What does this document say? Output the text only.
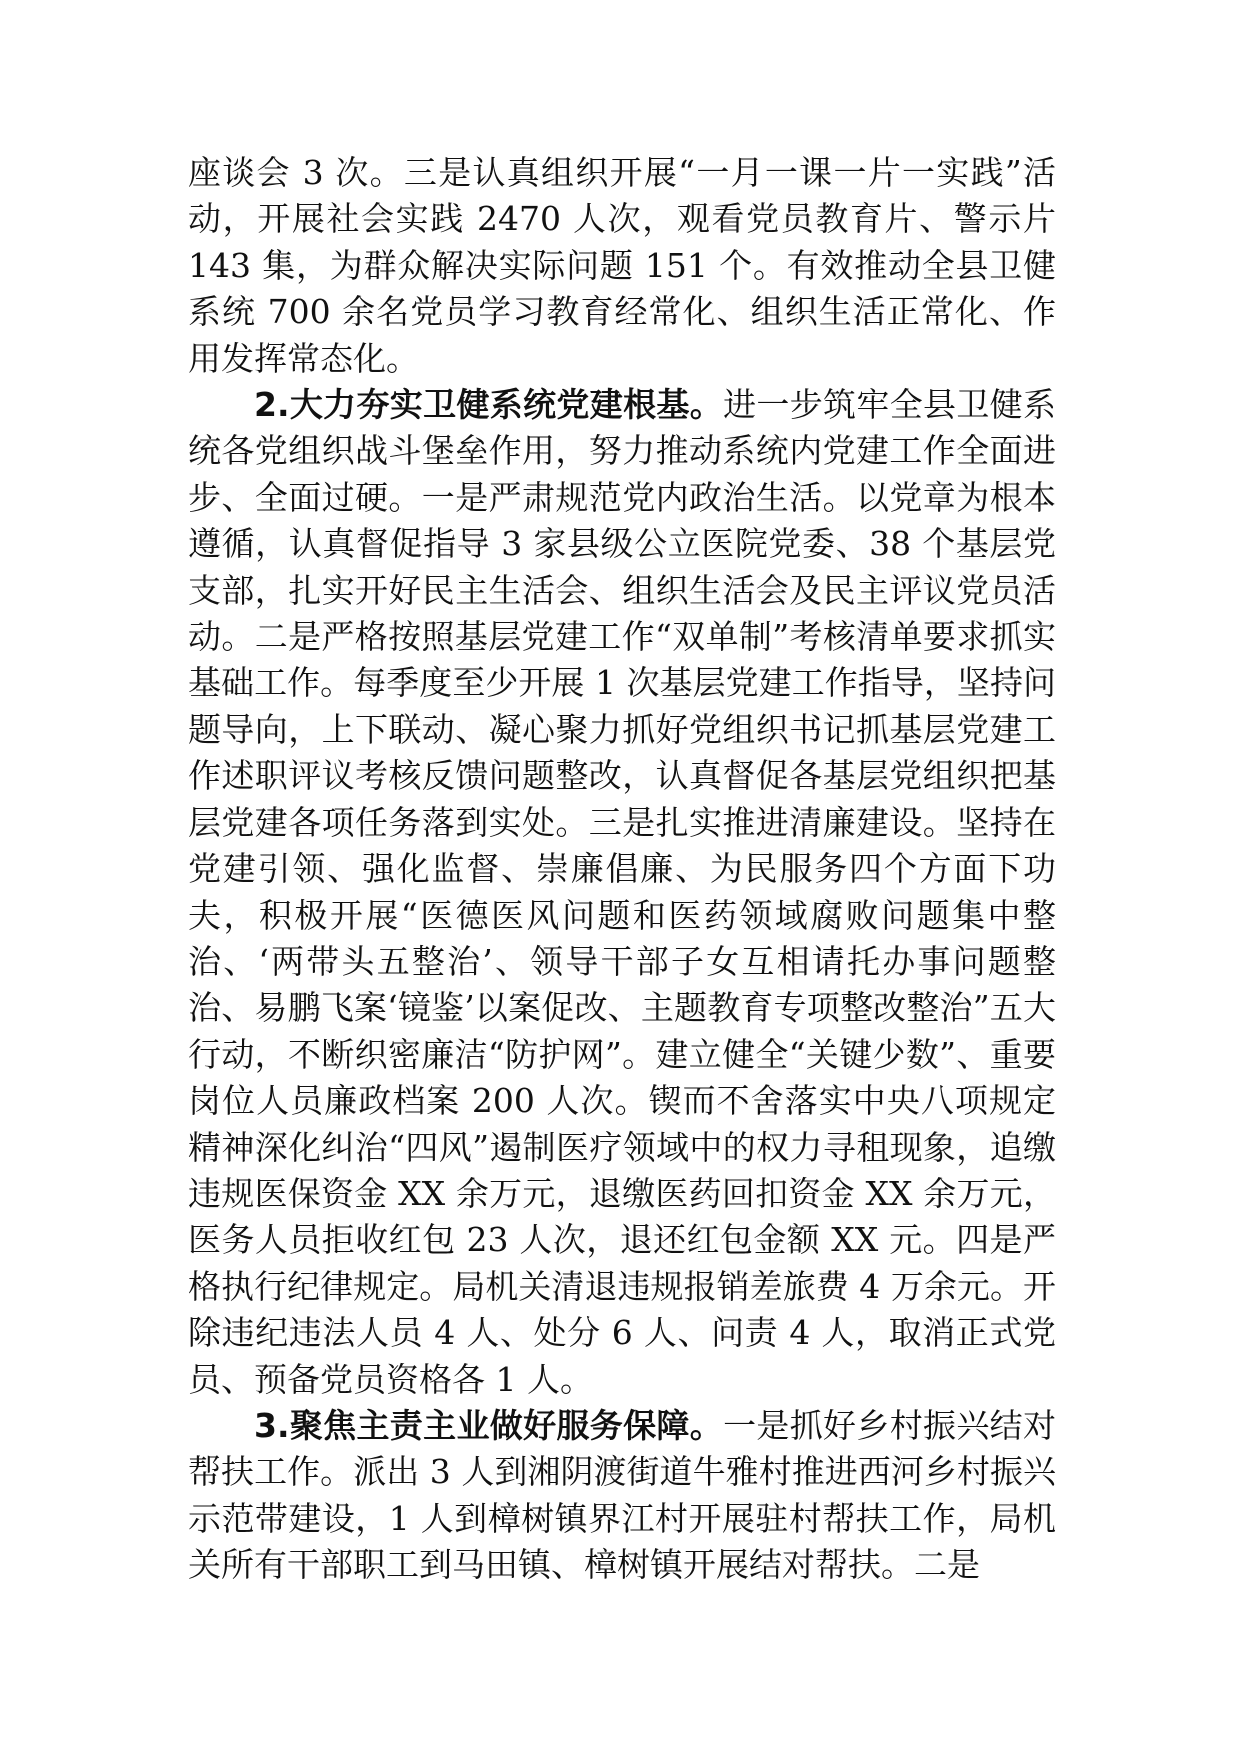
座谈会 3 次。三是认真组织开展“一月一课一片一实践”活动，开展社会实践 2470 人次，观看党员教育片、警示片 143 集，为群众解决实际问题 151 个。有效推动全县卫健系统 700 余名党员学习教育经常化、组织生活正常化、作用发挥常态化。

2.大力夯实卫健系统党建根基。进一步筑牢全县卫健系统各党组织战斗堡垒作用，努力推动系统内党建工作全面进步、全面过硬。一是严肃规范党内政治生活。以党章为根本遵循，认真督促指导 3 家县级公立医院党委、38 个基层党支部，扎实开好民主生活会、组织生活会及民主评议党员活动。二是严格按照基层党建工作“双单制”考核清单要求抓实基础工作。每季度至少开展 1 次基层党建工作指导，坚持问题导向，上下联动、凝心聚力抓好党组织书记抓基层党建工作述职评议考核反馈问题整改，认真督促各基层党组织把基层党建各项任务落到实处。三是扎实推进清廉建设。坚持在党建引领、强化监督、崇廉倡廉、为民服务四个方面下功夫，积极开展“医德医风问题和医药领域腐败问题集中整治、‘两带头五整治’、领导干部子女互相请托办事问题整治、易鹏飞案‘镜鉴’以案促改、主题教育专项整改整治”五大行动，不断织密廉洁“防护网”。建立健全“关键少数”、重要岗位人员廉政档案 200 人次。锲而不舍落实中央八项规定精神深化纠治“四风”遏制医疗领域中的权力寻租现象，追缴违规医保资金 XX 余万元，退缴医药回扣资金 XX 余万元，医务人员拒收红包 23 人次，退还红包金额 XX 元。四是严格执行纪律规定。局机关清退违规报销差旅费 4 万余元。开除违纪违法人员 4 人、处分 6 人、问责 4 人，取消正式党员、预备党员资格各 1 人。

3.聚焦主责主业做好服务保障。一是抓好乡村振兴结对帮扶工作。派出 3 人到湘阴渡街道牛雅村推进西河乡村振兴示范带建设，1 人到樟树镇界江村开展驻村帮扶工作，局机关所有干部职工到马田镇、樟树镇开展结对帮扶。二是
